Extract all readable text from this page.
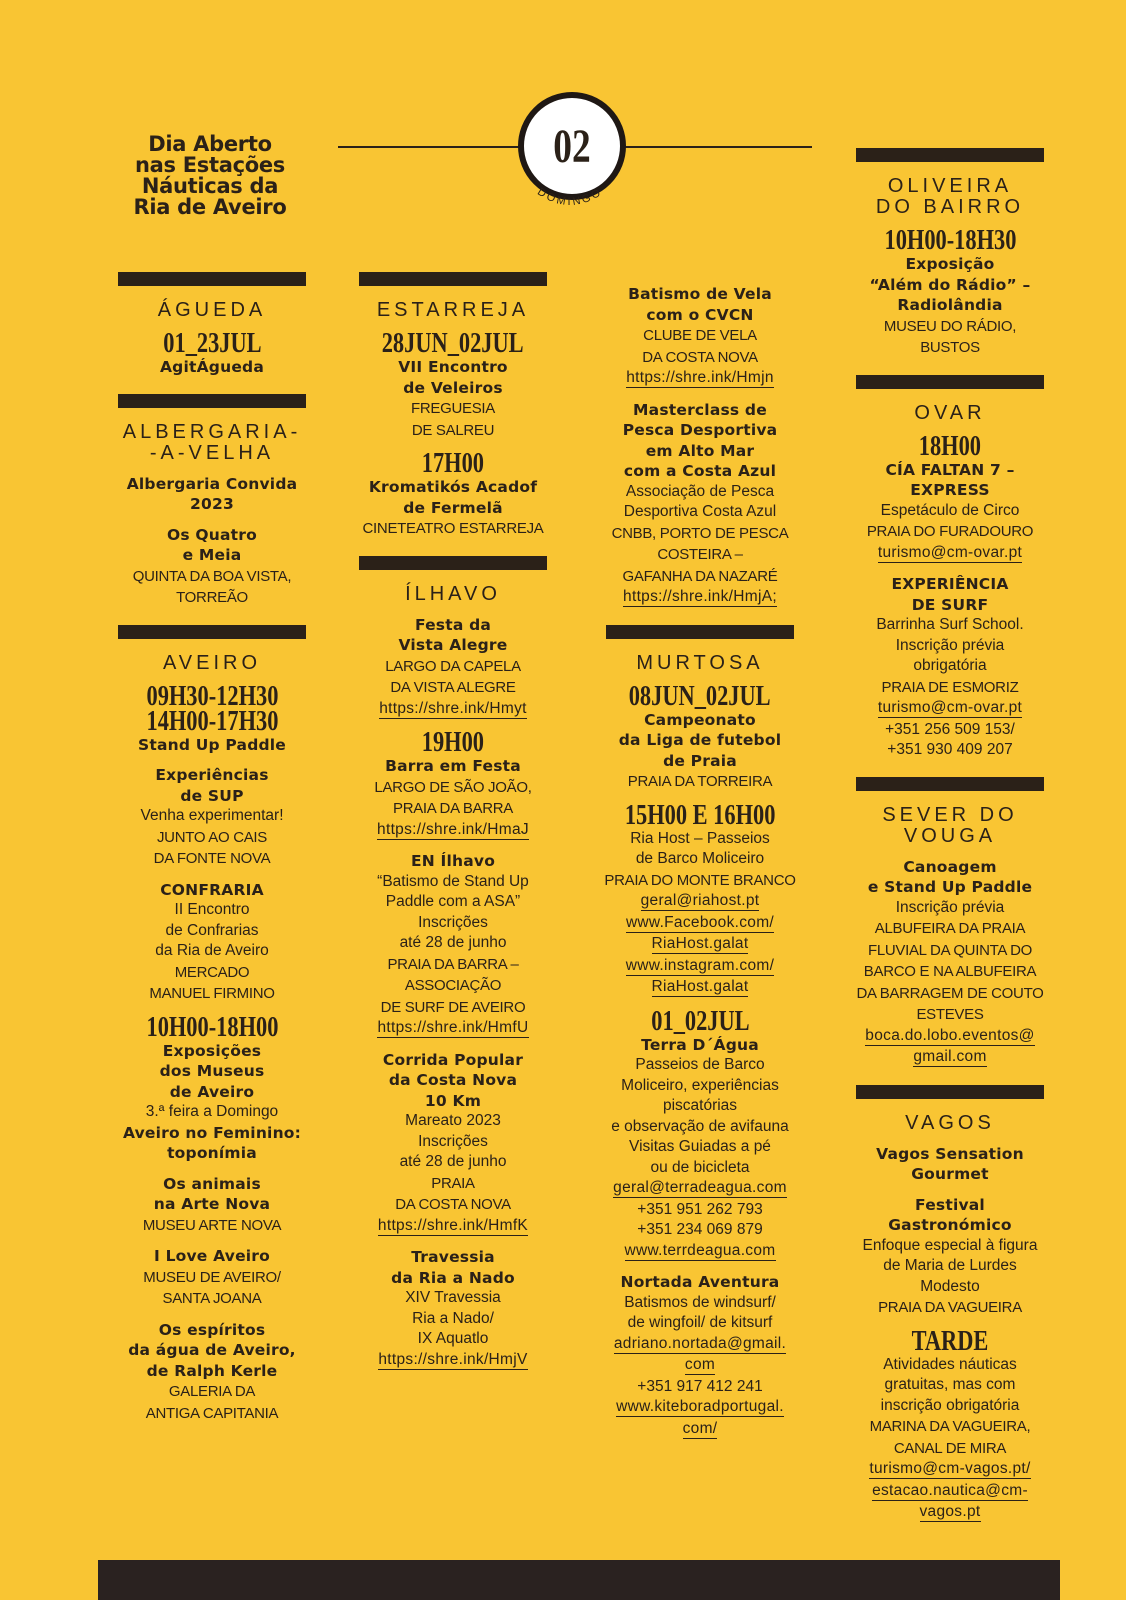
Dia Aberto
nas Estações
Náuticas da
Ria de Aveiro
02
DOMINGO
ÁGUEDA
01_23JUL
AgitÁgueda
ALBERGARIA-
-A-VELHA
Albergaria Convida
2023
Os Quatro
e Meia
QUINTA DA BOA VISTA,
TORREÃO
AVEIRO
09H30-12H30
14H00-17H30
Stand Up Paddle
Experiências
de SUP
Venha experimentar!
JUNTO AO CAIS
DA FONTE NOVA
CONFRARIA
II Encontro
de Confrarias
da Ria de Aveiro
MERCADO
MANUEL FIRMINO
10H00-18H00
Exposições
dos Museus
de Aveiro
3.ª feira a Domingo
Aveiro no Feminino:
toponímia
Os animais
na Arte Nova
MUSEU ARTE NOVA
I Love Aveiro
MUSEU DE AVEIRO/
SANTA JOANA
Os espíritos
da água de Aveiro,
de Ralph Kerle
GALERIA DA
ANTIGA CAPITANIA
ESTARREJA
28JUN_02JUL
VII Encontro
de Veleiros
FREGUESIA
DE SALREU
17H00
Kromatikós Acadof
de Fermelã
CINETEATRO ESTARREJA
ÍLHAVO
Festa da
Vista Alegre
LARGO DA CAPELA
DA VISTA ALEGRE
https://shre.ink/Hmyt
19H00
Barra em Festa
LARGO DE SÃO JOÃO,
PRAIA DA BARRA
https://shre.ink/HmaJ
EN Ílhavo
“Batismo de Stand Up
Paddle com a ASA”
Inscrições
até 28 de junho
PRAIA DA BARRA –
ASSOCIAÇÃO
DE SURF DE AVEIRO
https://shre.ink/HmfU
Corrida Popular
da Costa Nova
10 Km
Mareato 2023
Inscrições
até 28 de junho
PRAIA
DA COSTA NOVA
https://shre.ink/HmfK
Travessia
da Ria a Nado
XIV Travessia
Ria a Nado/
IX Aquatlo
https://shre.ink/HmjV
Batismo de Vela
com o CVCN
CLUBE DE VELA
DA COSTA NOVA
https://shre.ink/Hmjn
Masterclass de
Pesca Desportiva
em Alto Mar
com a Costa Azul
Associação de Pesca
Desportiva Costa Azul
CNBB, PORTO DE PESCA
COSTEIRA –
GAFANHA DA NAZARÉ
https://shre.ink/HmjA;
MURTOSA
08JUN_02JUL
Campeonato
da Liga de futebol
de Praia
PRAIA DA TORREIRA
15H00 E 16H00
Ria Host – Passeios
de Barco Moliceiro
PRAIA DO MONTE BRANCO
geral@riahost.pt
www.Facebook.com/
RiaHost.galat
www.instagram.com/
RiaHost.galat
01_02JUL
Terra D´Água
Passeios de Barco
Moliceiro, experiências
piscatórias
e observação de avifauna
Visitas Guiadas a pé
ou de bicicleta
geral@terradeagua.com
+351 951 262 793
+351 234 069 879
www.terrdeagua.com
Nortada Aventura
Batismos de windsurf/
de wingfoil/ de kitsurf
adriano.nortada@gmail.
com
+351 917 412 241
www.kiteboradportugal.
com/
OLIVEIRA
DO BAIRRO
10H00-18H30
Exposição
“Além do Rádio” –
Radiolândia
MUSEU DO RÁDIO,
BUSTOS
OVAR
18H00
CÍA FALTAN 7 –
EXPRESS
Espetáculo de Circo
PRAIA DO FURADOURO
turismo@cm-ovar.pt
EXPERIÊNCIA
DE SURF
Barrinha Surf School.
Inscrição prévia
obrigatória
PRAIA DE ESMORIZ
turismo@cm-ovar.pt
+351 256 509 153/
+351 930 409 207
SEVER DO VOUGA
Canoagem
e Stand Up Paddle
Inscrição prévia
ALBUFEIRA DA PRAIA
FLUVIAL DA QUINTA DO
BARCO E NA ALBUFEIRA
DA BARRAGEM DE COUTO
ESTEVES
boca.do.lobo.eventos@
gmail.com
VAGOS
Vagos Sensation
Gourmet
Festival
Gastronómico
Enfoque especial à figura
de Maria de Lurdes
Modesto
PRAIA DA VAGUEIRA
TARDE
Atividades náuticas
gratuitas, mas com
inscrição obrigatória
MARINA DA VAGUEIRA,
CANAL DE MIRA
turismo@cm-vagos.pt/
estacao.nautica@cm-
vagos.pt
